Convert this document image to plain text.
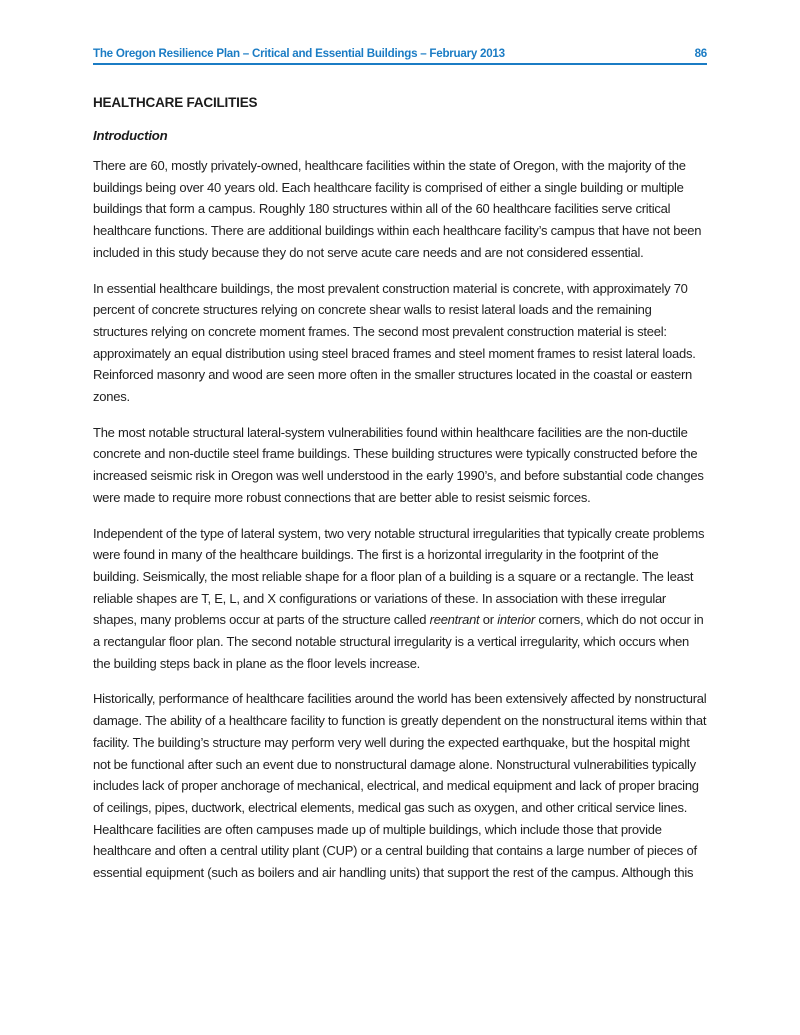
The Oregon Resilience Plan – Critical and Essential Buildings – February 2013	86
HEALTHCARE FACILITIES
Introduction

There are 60, mostly privately-owned, healthcare facilities within the state of Oregon, with the majority of the buildings being over 40 years old. Each healthcare facility is comprised of either a single building or multiple buildings that form a campus. Roughly 180 structures within all of the 60 healthcare facilities serve critical healthcare functions. There are additional buildings within each healthcare facility’s campus that have not been included in this study because they do not serve acute care needs and are not considered essential.

In essential healthcare buildings, the most prevalent construction material is concrete, with approximately 70 percent of concrete structures relying on concrete shear walls to resist lateral loads and the remaining structures relying on concrete moment frames. The second most prevalent construction material is steel: approximately an equal distribution using steel braced frames and steel moment frames to resist lateral loads. Reinforced masonry and wood are seen more often in the smaller structures located in the coastal or eastern zones.

The most notable structural lateral-system vulnerabilities found within healthcare facilities are the non-ductile concrete and non-ductile steel frame buildings. These building structures were typically constructed before the increased seismic risk in Oregon was well understood in the early 1990’s, and before substantial code changes were made to require more robust connections that are better able to resist seismic forces.

Independent of the type of lateral system, two very notable structural irregularities that typically create problems were found in many of the healthcare buildings. The first is a horizontal irregularity in the footprint of the building. Seismically, the most reliable shape for a floor plan of a building is a square or a rectangle. The least reliable shapes are T, E, L, and X configurations or variations of these. In association with these irregular shapes, many problems occur at parts of the structure called reentrant or interior corners, which do not occur in a rectangular floor plan. The second notable structural irregularity is a vertical irregularity, which occurs when the building steps back in plane as the floor levels increase.

Historically, performance of healthcare facilities around the world has been extensively affected by nonstructural damage. The ability of a healthcare facility to function is greatly dependent on the nonstructural items within that facility. The building’s structure may perform very well during the expected earthquake, but the hospital might not be functional after such an event due to nonstructural damage alone. Nonstructural vulnerabilities typically includes lack of proper anchorage of mechanical, electrical, and medical equipment and lack of proper bracing of ceilings, pipes, ductwork, electrical elements, medical gas such as oxygen, and other critical service lines. Healthcare facilities are often campuses made up of multiple buildings, which include those that provide healthcare and often a central utility plant (CUP) or a central building that contains a large number of pieces of essential equipment (such as boilers and air handling units) that support the rest of the campus. Although this
